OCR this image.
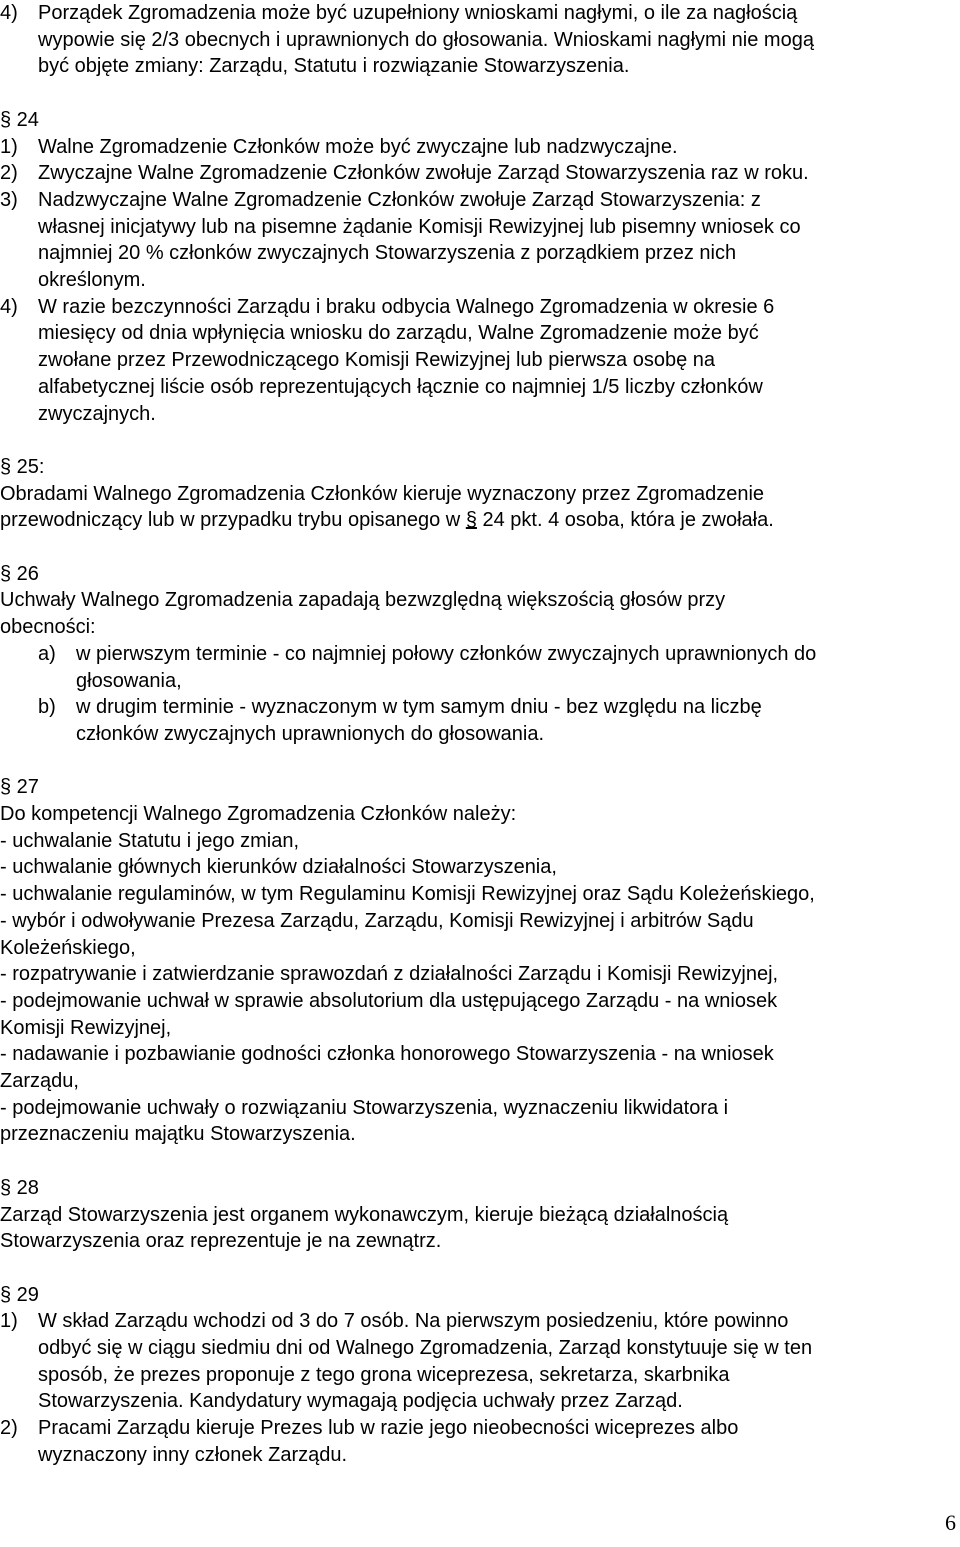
4) Porządek Zgromadzenia może być uzupełniony wnioskami nagłymi, o ile za nagłością
wypowie się 2/3 obecnych i uprawnionych do głosowania. Wnioskami nagłymi nie mogą
być objęte zmiany: Zarządu, Statutu i rozwiązanie Stowarzyszenia.
§ 24
1) Walne Zgromadzenie Członków może być zwyczajne lub nadzwyczajne.
2) Zwyczajne Walne Zgromadzenie Członków zwołuje Zarząd Stowarzyszenia raz w roku.
3) Nadzwyczajne Walne Zgromadzenie Członków zwołuje Zarząd Stowarzyszenia: z
własnej inicjatywy lub na pisemne żądanie Komisji Rewizyjnej lub pisemny wniosek co
najmniej 20 % członków zwyczajnych Stowarzyszenia z porządkiem przez nich
określonym.
4) W razie bezczynności Zarządu i braku odbycia Walnego Zgromadzenia w okresie 6
miesięcy od dnia wpłynięcia wniosku do zarządu, Walne Zgromadzenie może być
zwołane przez Przewodniczącego Komisji Rewizyjnej lub pierwsza osobę na
alfabetycznej liście osób reprezentujących łącznie co najmniej 1/5 liczby członków
zwyczajnych.
§ 25:
Obradami Walnego Zgromadzenia Członków kieruje wyznaczony przez Zgromadzenie
przewodniczący lub w przypadku trybu opisanego w § 24 pkt. 4 osoba, która je zwołała.
§ 26
Uchwały Walnego Zgromadzenia zapadają bezwzględną większością głosów przy
obecności:
a) w pierwszym terminie - co najmniej połowy członków zwyczajnych uprawnionych do
głosowania,
b) w drugim terminie - wyznaczonym w tym samym dniu - bez względu na liczbę
członków zwyczajnych uprawnionych do głosowania.
§ 27
Do kompetencji Walnego Zgromadzenia Członków należy:
- uchwalanie Statutu i jego zmian,
- uchwalanie głównych kierunków działalności Stowarzyszenia,
- uchwalanie regulaminów, w tym Regulaminu Komisji Rewizyjnej oraz Sądu Koleżeńskiego,
- wybór i odwoływanie Prezesa Zarządu, Zarządu, Komisji Rewizyjnej i arbitrów Sądu
Koleżeńskiego,
- rozpatrywanie i zatwierdzanie sprawozdań z działalności Zarządu i Komisji Rewizyjnej,
- podejmowanie uchwał w sprawie absolutorium dla ustępującego Zarządu - na wniosek
Komisji Rewizyjnej,
- nadawanie i pozbawianie godności członka honorowego Stowarzyszenia - na wniosek
Zarządu,
- podejmowanie uchwały o rozwiązaniu Stowarzyszenia, wyznaczeniu likwidatora i
przeznaczeniu majątku Stowarzyszenia.
§ 28
Zarząd Stowarzyszenia jest organem wykonawczym, kieruje bieżącą działalnością
Stowarzyszenia oraz reprezentuje je na zewnątrz.
§ 29
1) W skład Zarządu wchodzi od 3 do 7 osób. Na pierwszym posiedzeniu, które powinno
odbyć się w ciągu siedmiu dni od Walnego Zgromadzenia, Zarząd konstytuuje się w ten
sposób, że prezes proponuje z tego grona wiceprezesa, sekretarza, skarbnika
Stowarzyszenia. Kandydatury wymagają podjęcia uchwały przez Zarząd.
2) Pracami Zarządu kieruje Prezes lub w razie jego nieobecności wiceprezes albo
wyznaczony inny członek Zarządu.
6
